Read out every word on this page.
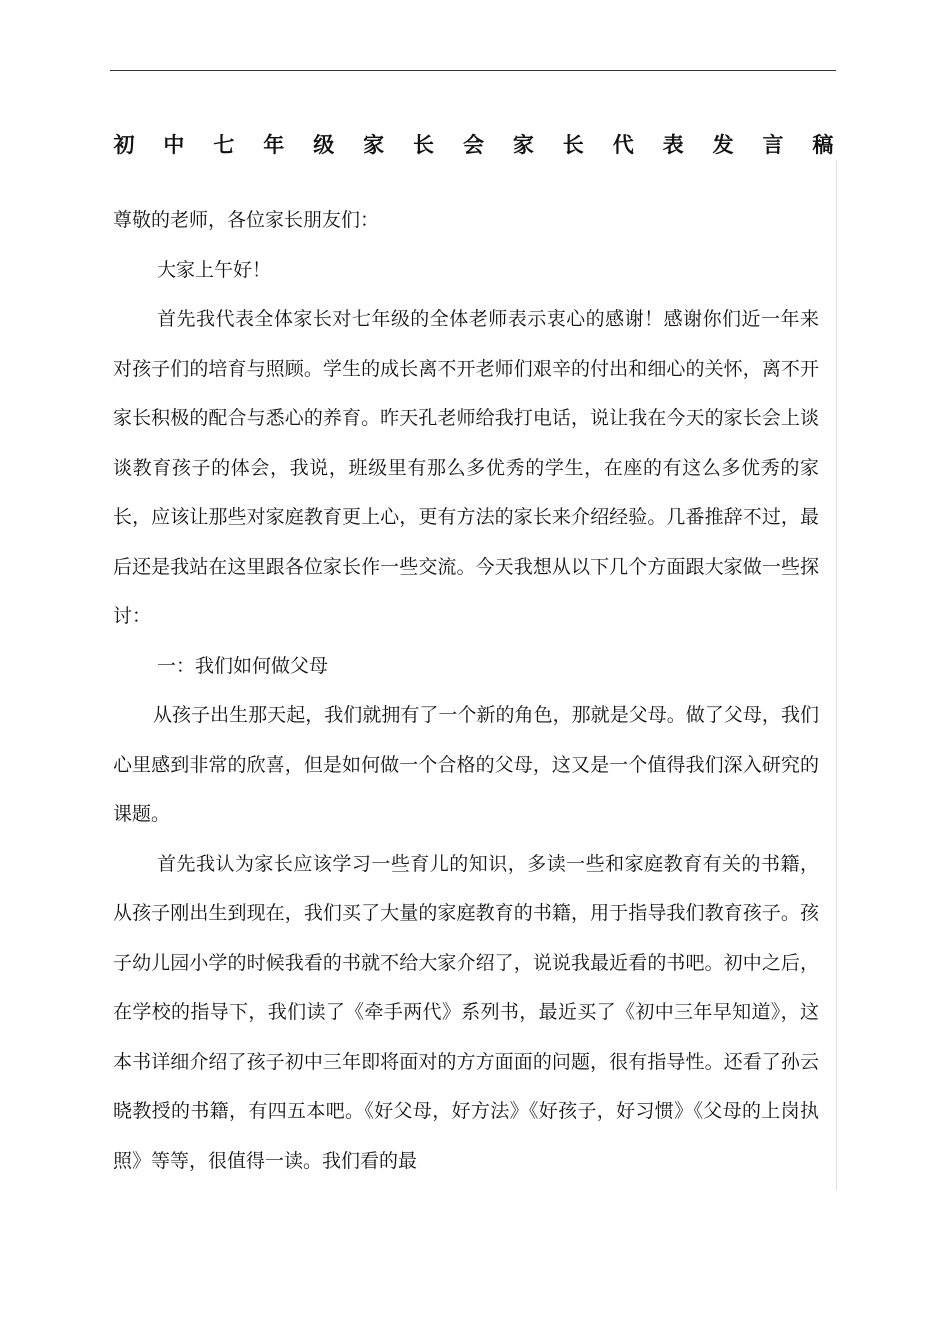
初 中 七 年 级 家 长 会 家 长 代 表 发 言 稿

尊敬的老师，各位家长朋友们：

大家上午好！

首先我代表全体家长对七年级的全体老师表示衷心的感谢！感谢你们近一年来对孩子们的培育与照顾。学生的成长离不开老师们艰辛的付出和细心的关怀，离不开家长积极的配合与悉心的养育。昨天孔老师给我打电话，说让我在今天的家长会上谈谈教育孩子的体会，我说，班级里有那么多优秀的学生，在座的有这么多优秀的家长，应该让那些对家庭教育更上心，更有方法的家长来介绍经验。几番推辞不过，最后还是我站在这里跟各位家长作一些交流。今天我想从以下几个方面跟大家做一些探讨：

一：我们如何做父母

从孩子出生那天起，我们就拥有了一个新的角色，那就是父母。做了父母，我们心里感到非常的欣喜，但是如何做一个合格的父母，这又是一个值得我们深入研究的课题。

首先我认为家长应该学习一些育儿的知识，多读一些和家庭教育有关的书籍，从孩子刚出生到现在，我们买了大量的家庭教育的书籍，用于指导我们教育孩子。孩子幼儿园小学的时候我看的书就不给大家介绍了，说说我最近看的书吧。初中之后，在学校的指导下，我们读了《牵手两代》系列书，最近买了《初中三年早知道》，这本书详细介绍了孩子初中三年即将面对的方方面面的问题，很有指导性。还看了孙云晓教授的书籍，有四五本吧。《好父母，好方法》《好孩子，好习惯》《父母的上岗执照》等等，很值得一读。我们看的最
